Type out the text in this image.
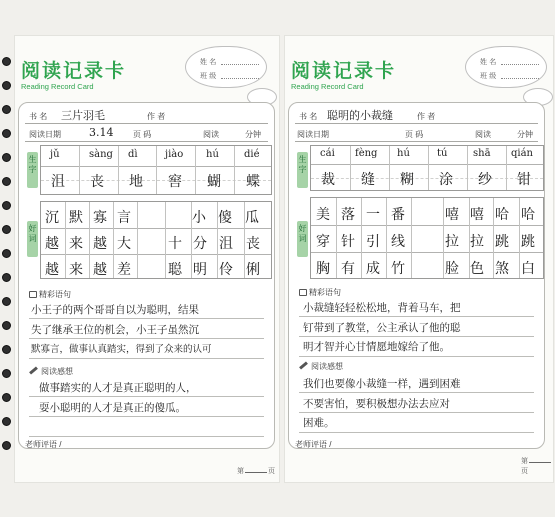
阅读记录卡
Reading Record Card
姓 名
班 级
书 名 三片羽毛	作 者
阅读日期	3.14 页 码	阅读	分钟
生字
jǔ	sàng dì	jiào hú	dié
沮 丧 地 窖 蝴 蝶
好词
沉 默 寡 言	小 傻 瓜
越 来 越 大	十 分 沮 丧
越 来 越 差	聪 明 伶 俐
精彩语句
小王子的两个哥哥自以为聪明，结果
失了继承王位的机会，小王子虽然沉
默寡言，做事认真踏实，得到了众来的认可
阅读感想
做事踏实的人才是真正聪明的人，
耍小聪明的人才是真正的傻瓜。
老师评语 /
第	页
阅读记录卡
Reading Record Card
姓 名
班 级
书 名 聪明的小裁缝	作 者
阅读日期	页 码	阅读	分钟
生字
cái fèng hú	tú	shā qián
裁 缝 糊 涂 纱 钳
好词
美 落 一 番	嘻 嘻 哈 哈
穿 针 引 线	拉 拉 跳 跳
胸 有 成 竹	脸 色 煞 白
精彩语句
小裁缝轻轻松松地，背着马车，把
钉带到了教堂，公主承认了他的聪
明才智并心甘情愿地嫁给了他。
阅读感想
我们也要像小裁缝一样，遇到困难
不要害怕，要积极想办法去应对
困难。
老师评语 /
第页
